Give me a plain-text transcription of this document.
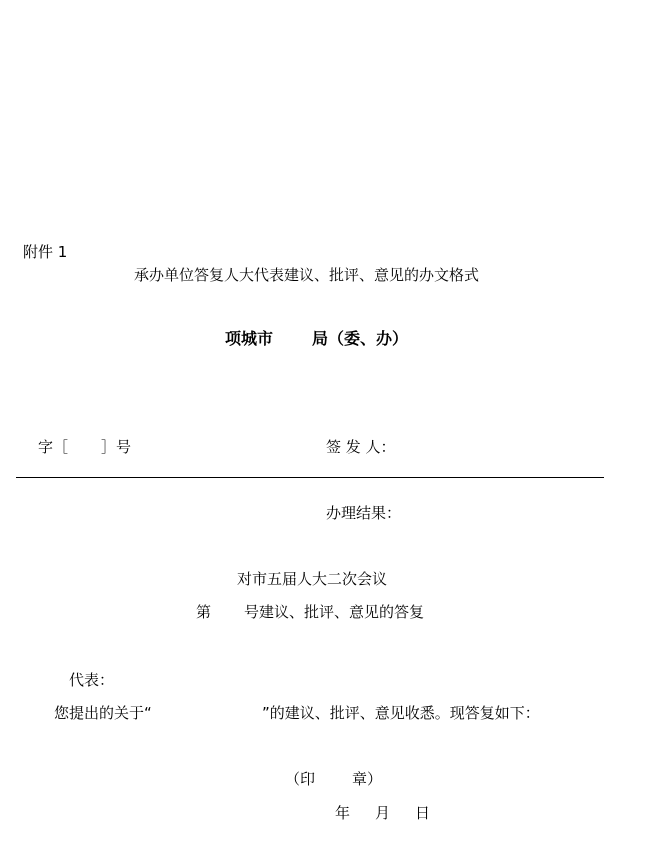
附件 1
承办单位答复人大代表建议、批评、意见的办文格式
项城市 局（委、办）
字［ ］号	签 发 人：
办理结果：
对市五届人大二次会议
第 号建议、批评、意见的答复
代表：
您提出的关于“	”的建议、批评、意见收悉。现答复如下：
（印 章）
年 月 日
